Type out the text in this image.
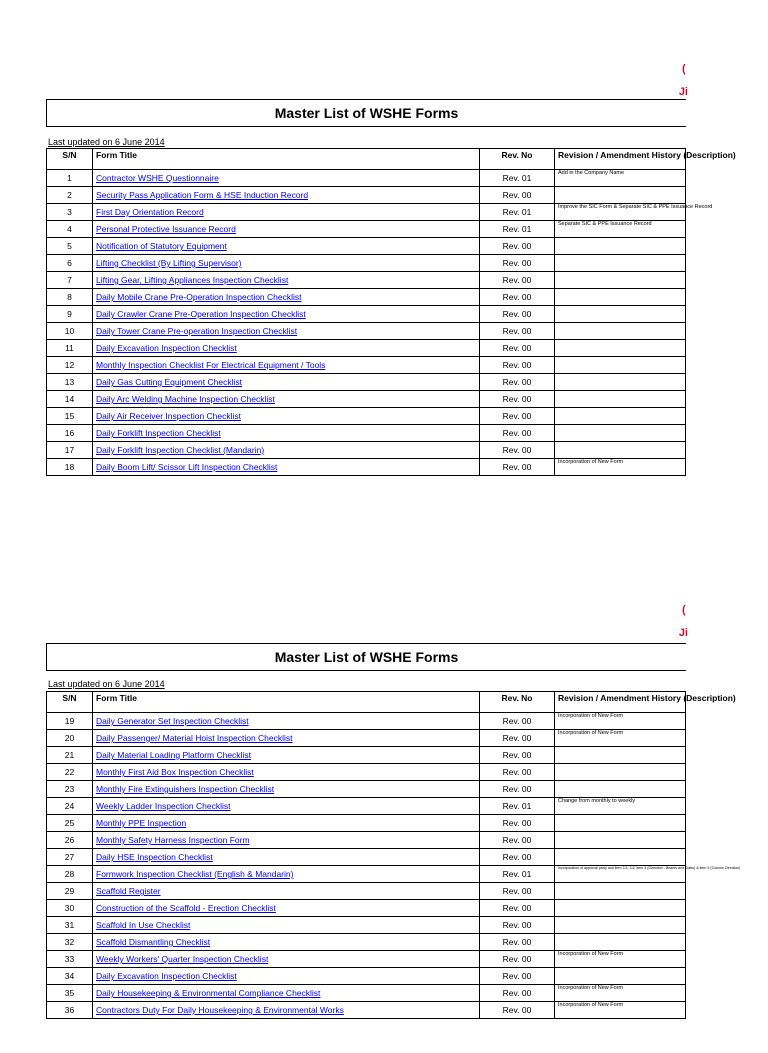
(
Ji
Master List of WSHE Forms
Last updated on 6 June 2014
S/N	Form Title	Rev. No	Revision / Amendment History (Description)
1	Contractor WSHE Questionnaire	Rev. 01	Add in the Company Name
2	Security Pass Application Form & HSE Induction Record	Rev. 00	
3	First Day Orientation Record	Rev. 01	Improve the SIC Form & Separate SIC & PPE Issuance Record
4	Personal Protective Issuance Record	Rev. 01	Separate SIC & PPE Issuance Record
5	Notification of Statutory Equipment	Rev. 00	
6	Lifting Checklist (By Lifting Supervisor)	Rev. 00	
7	Lifting Gear, Lifting Appliances Inspection Checklist	Rev. 00	
8	Daily Mobile Crane Pre-Operation Inspection Checklist	Rev. 00	
9	Daily Crawler Crane Pre-Operation Inspection Checklist	Rev. 00	
10	Daily Tower Crane Pre-operation Inspection Checklist	Rev. 00	
11	Daily Excavation Inspection Checklist	Rev. 00	
12	Monthly Inspection Checklist For Electrical Equipment / Tools	Rev. 00	
13	Daily Gas Cutting Equipment Checklist	Rev. 00	
14	Daily Arc Welding Machine Inspection Checklist	Rev. 00	
15	Daily Air Receiver Inspection Checklist	Rev. 00	
16	Daily Forklift Inspection Checklist	Rev. 00	
17	Daily Forklift Inspection Checklist (Mandarin)	Rev. 00	
18	Daily Boom Lift/ Scissor Lift Inspection Checklist	Rev. 00	Incorporation of New Form
(
Ji
Master List of WSHE Forms
Last updated on 6 June 2014
S/N	Form Title	Rev. No	Revision / Amendment History (Description)
19	Daily Generator Set Inspection Checklist	Rev. 00	Incorporation of New Form
20	Daily Passenger/ Material Hoist Inspection Checklist	Rev. 00	Incorporation of New Form
21	Daily Material Loading Platform Checklist	Rev. 00	
22	Monthly First Aid Box Inspection Checklist	Rev. 00	
23	Monthly Fire Extinguishers Inspection Checklist	Rev. 00	
24	Weekly Ladder Inspection Checklist	Rev. 01	Change from monthly to weekly
25	Monthly PPE Inspection	Rev. 00	
26	Monthly Safety Harness Inspection Form	Rev. 00	
27	Daily HSE Inspection Checklist	Rev. 00	
28	Formwork Inspection Checklist (English & Mandarin)	Rev. 01	Incorporation of approval party and item 3.5, 3.6, item 4 (Direction - Beams and Slabs) & item 5 (Column Direction)
29	Scaffold Register	Rev. 00	
30	Construction of the Scaffold - Erection Checklist	Rev. 00	
31	Scaffold In Use Checklist	Rev. 00	
32	Scaffold Dismantling Checklist	Rev. 00	
33	Weekly Workers' Quarter Inspection Checklist	Rev. 00	Incorporation of New Form
34	Daily Excavation Inspection Checklist	Rev. 00	
35	Daily Housekeeping & Environmental Compliance Checklist	Rev. 00	Incorporation of New Form
36	Contractors Duty For Daily Housekeeping & Environmental Works	Rev. 00	Incorporation of New Form
